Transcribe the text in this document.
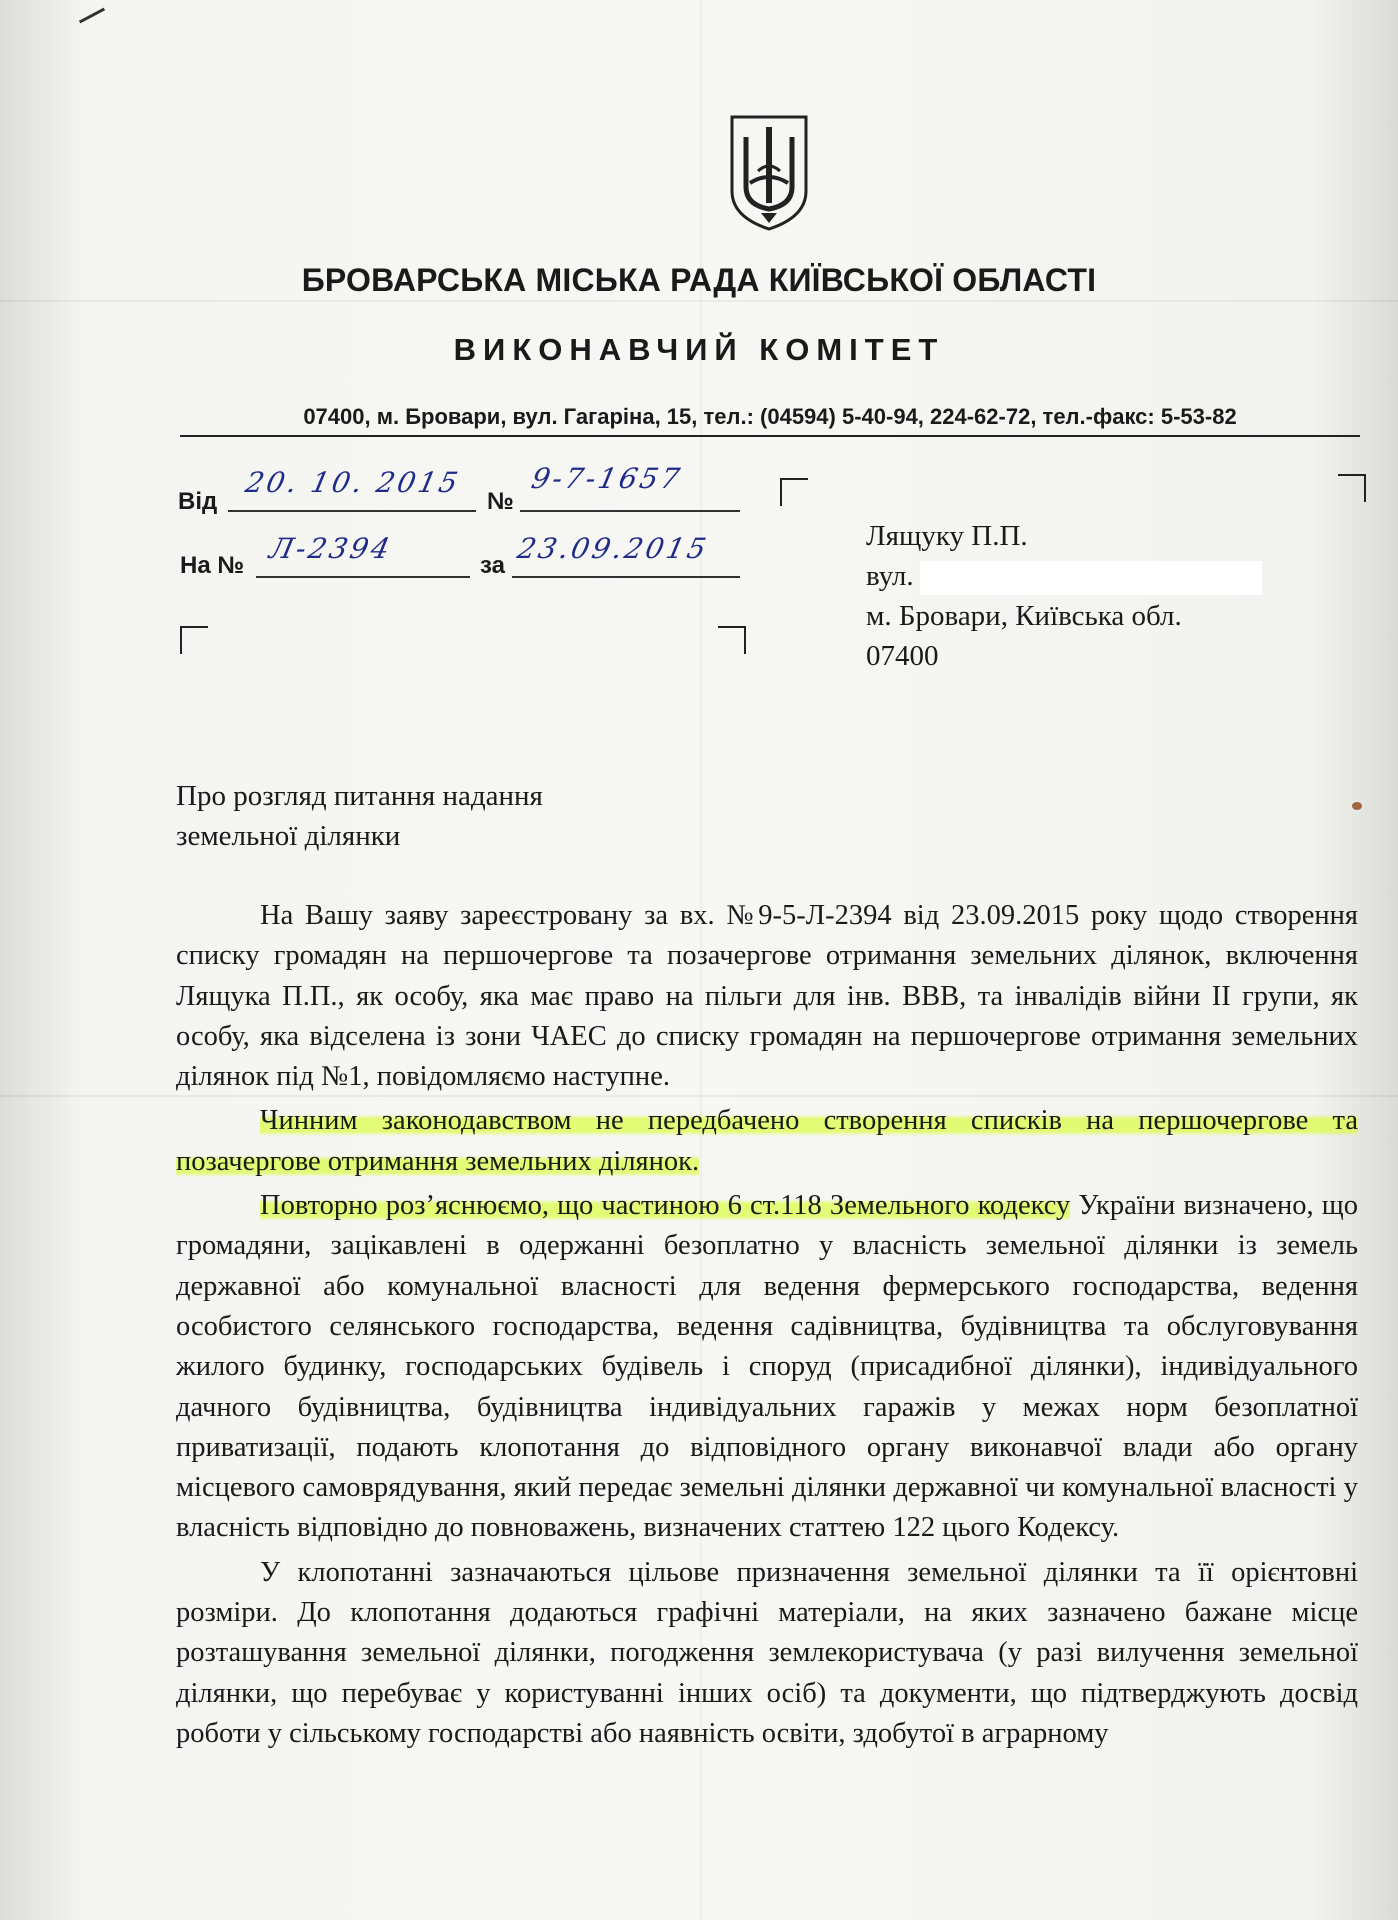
БРОВАРСЬКА МІСЬКА РАДА КИЇВСЬКОЇ ОБЛАСТІ
ВИКОНАВЧИЙ КОМІТЕТ
07400, м. Бровари, вул. Гагаріна, 15, тел.: (04594) 5-40-94, 224-62-72, тел.-факс: 5-53-82
Від
20. 10. 2015
№
9-7-1657
На №
Л-2394
за
23.09.2015	Лящуку П.П.
вул.
м. Бровари, Київська обл.
07400
Про розгляд питання надання
земельної ділянки

На Вашу заяву зареєстровану за вх. №9-5-Л-2394 від 23.09.2015 року щодо створення списку громадян на першочергове та позачергове отримання земельних ділянок, включення Лящука П.П., як особу, яка має право на пільги для інв. ВВВ, та інвалідів війни ІІ групи, як особу, яка відселена із зони ЧАЕС до списку громадян на першочергове отримання земельних ділянок під №1, повідомляємо наступне.

Чинним законодавством не передбачено створення списків на першочергове та позачергове отримання земельних ділянок.

Повторно роз’яснюємо, що частиною 6 ст.118 Земельного кодексу України визначено, що громадяни, зацікавлені в одержанні безоплатно у власність земельної ділянки із земель державної або комунальної власності для ведення фермерського господарства, ведення особистого селянського господарства, ведення садівництва, будівництва та обслуговування жилого будинку, господарських будівель і споруд (присадибної ділянки), індивідуального дачного будівництва, будівництва індивідуальних гаражів у межах норм безоплатної приватизації, подають клопотання до відповідного органу виконавчої влади або органу місцевого самоврядування, який передає земельні ділянки державної чи комунальної власності у власність відповідно до повноважень, визначених статтею 122 цього Кодексу.

У клопотанні зазначаються цільове призначення земельної ділянки та її орієнтовні розміри. До клопотання додаються графічні матеріали, на яких зазначено бажане місце розташування земельної ділянки, погодження землекористувача (у разі вилучення земельної ділянки, що перебуває у користуванні інших осіб) та документи, що підтверджують досвід роботи у сільському господарстві або наявність освіти, здобутої в аграрному
